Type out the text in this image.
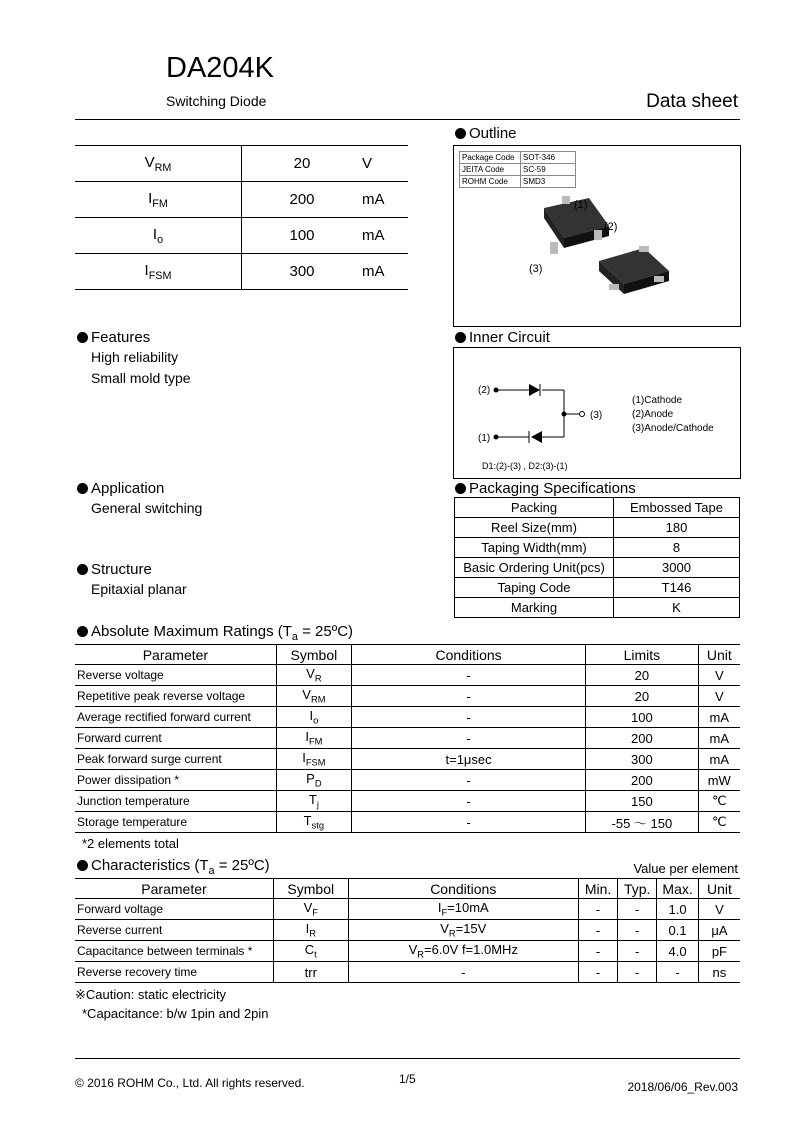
DA204K
Switching Diode	Data sheet
$V_{RM}$	20	V
$I_{FM}$	200	mA
$I_o$	100	mA
$I_{FSM}$	300	mA
Outline
Package Code	SOT-346
JEITA Code	SC-59
ROHM Code	SMD3
(1)
(2)
(3)
Features
High reliability
Small mold type
Inner Circuit
(2)
(1)
(3)
(1)Cathode
(2)Anode
(3)Anode/Cathode
D1:(2)-(3) , D2:(3)-(1)
Application
General switching
Structure
Epitaxial planar
Packaging Specifications
Packing	Embossed Tape
Reel Size(mm)	180
Taping Width(mm)	8
Basic Ordering Unit(pcs)	3000
Taping Code	T146
Marking	K
Absolute Maximum Ratings ($T_a$ = 25ºC)
Parameter	Symbol	Conditions	Limits	Unit
Reverse voltage	$V_R$	-	20	V
Repetitive peak reverse voltage	$V_{RM}$	-	20	V
Average rectified forward current	$I_o$	-	100	mA
Forward current	$I_{FM}$	-	200	mA
Peak forward surge current	$I_{FSM}$	t=1μsec	300	mA
Power dissipation *	$P_D$	-	200	mW
Junction temperature	$T_j$	-	150	℃
Storage temperature	$T_{stg}$	-	-55 ～ 150	℃
*2 elements total
Characteristics ($T_a$ = 25ºC)	Value per element
Parameter	Symbol	Conditions	Min.	Typ.	Max.	Unit
Forward voltage	$V_F$	$I_F=10mA$	-	-	1.0	V
Reverse current	$I_R$	$V_R=15V$	-	-	0.1	μA
Capacitance between terminals *	$C_t$	$V_R=6.0V$ f=1.0MHz	-	-	4.0	pF
Reverse recovery time	trr	-	-	-	-	ns
※Caution: static electricity
*Capacitance: b/w 1pin and 2pin
© 2016 ROHM Co., Ltd. All rights reserved.	1/5
2018/06/06_Rev.003
